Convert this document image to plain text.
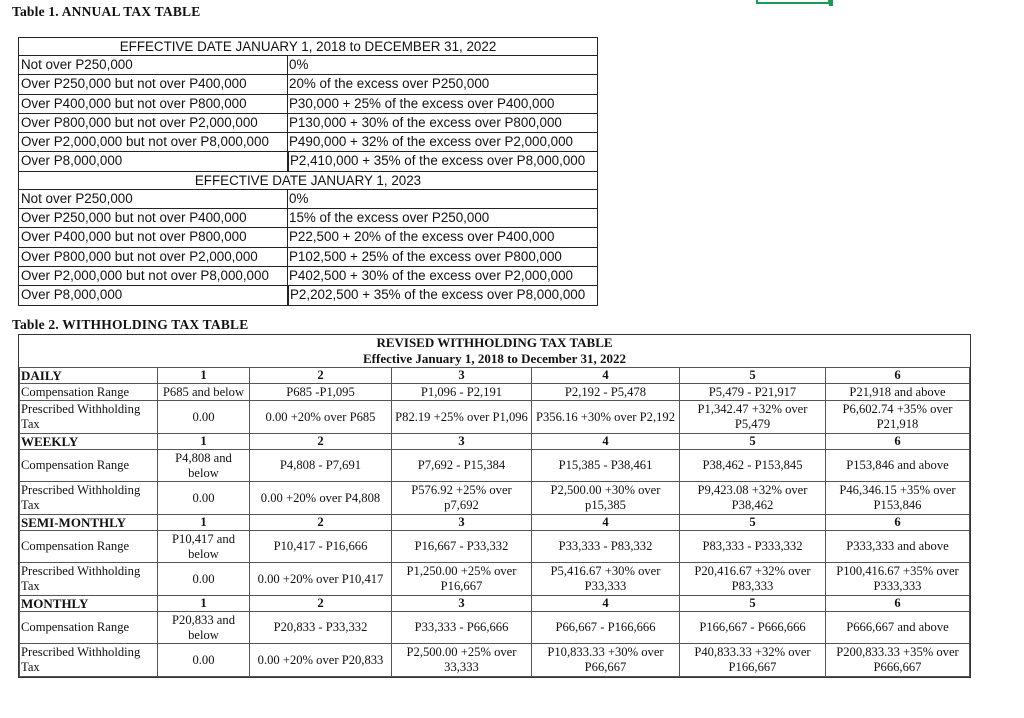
Table 1. ANNUAL TAX TABLE
EFFECTIVE DATE JANUARY 1, 2018 to DECEMBER 31, 2022
Not over P250,000	0%
Over P250,000 but not over P400,000	20% of the excess over P250,000
Over P400,000 but not over P800,000	P30,000 + 25% of the excess over P400,000
Over P800,000 but not over P2,000,000	P130,000 + 30% of the excess over P800,000
Over P2,000,000 but not over P8,000,000	P490,000 + 32% of the excess over P2,000,000
Over P8,000,000	P2,410,000 + 35% of the excess over P8,000,000
EFFECTIVE DATE JANUARY 1, 2023
Not over P250,000	0%
Over P250,000 but not over P400,000	15% of the excess over P250,000
Over P400,000 but not over P800,000	P22,500 + 20% of the excess over P400,000
Over P800,000 but not over P2,000,000	P102,500 + 25% of the excess over P800,000
Over P2,000,000 but not over P8,000,000	P402,500 + 30% of the excess over P2,000,000
Over P8,000,000	P2,202,500 + 35% of the excess over P8,000,000
Table 2. WITHHOLDING TAX TABLE
REVISED WITHHOLDING TAX TABLE
Effective January 1, 2018 to December 31, 2022
DAILY	1	2	3	4	5	6
Compensation Range	P685 and below	P685 -P1,095	P1,096 - P2,191	P2,192 - P5,478	P5,479 - P21,917	P21,918 and above
Prescribed Withholding Tax	0.00	0.00 +20% over P685	P82.19 +25% over P1,096	P356.16 +30% over P2,192	P1,342.47 +32% over P5,479	P6,602.74 +35% over P21,918
WEEKLY	1	2	3	4	5	6
Compensation Range	P4,808 and below	P4,808 - P7,691	P7,692 - P15,384	P15,385 - P38,461	P38,462 - P153,845	P153,846 and above
Prescribed Withholding Tax	0.00	0.00 +20% over P4,808	P576.92 +25% over p7,692	P2,500.00 +30% over p15,385	P9,423.08 +32% over P38,462	P46,346.15 +35% over P153,846
SEMI-MONTHLY	1	2	3	4	5	6
Compensation Range	P10,417 and below	P10,417 - P16,666	P16,667 - P33,332	P33,333 - P83,332	P83,333 - P333,332	P333,333 and above
Prescribed Withholding Tax	0.00	0.00 +20% over P10,417	P1,250.00 +25% over P16,667	P5,416.67 +30% over P33,333	P20,416.67 +32% over P83,333	P100,416.67 +35% over P333,333
MONTHLY	1	2	3	4	5	6
Compensation Range	P20,833 and below	P20,833 - P33,332	P33,333 - P66,666	P66,667 - P166,666	P166,667 - P666,666	P666,667 and above
Prescribed Withholding Tax	0.00	0.00 +20% over P20,833	P2,500.00 +25% over 33,333	P10,833.33 +30% over P66,667	P40,833.33 +32% over P166,667	P200,833.33 +35% over P666,667
